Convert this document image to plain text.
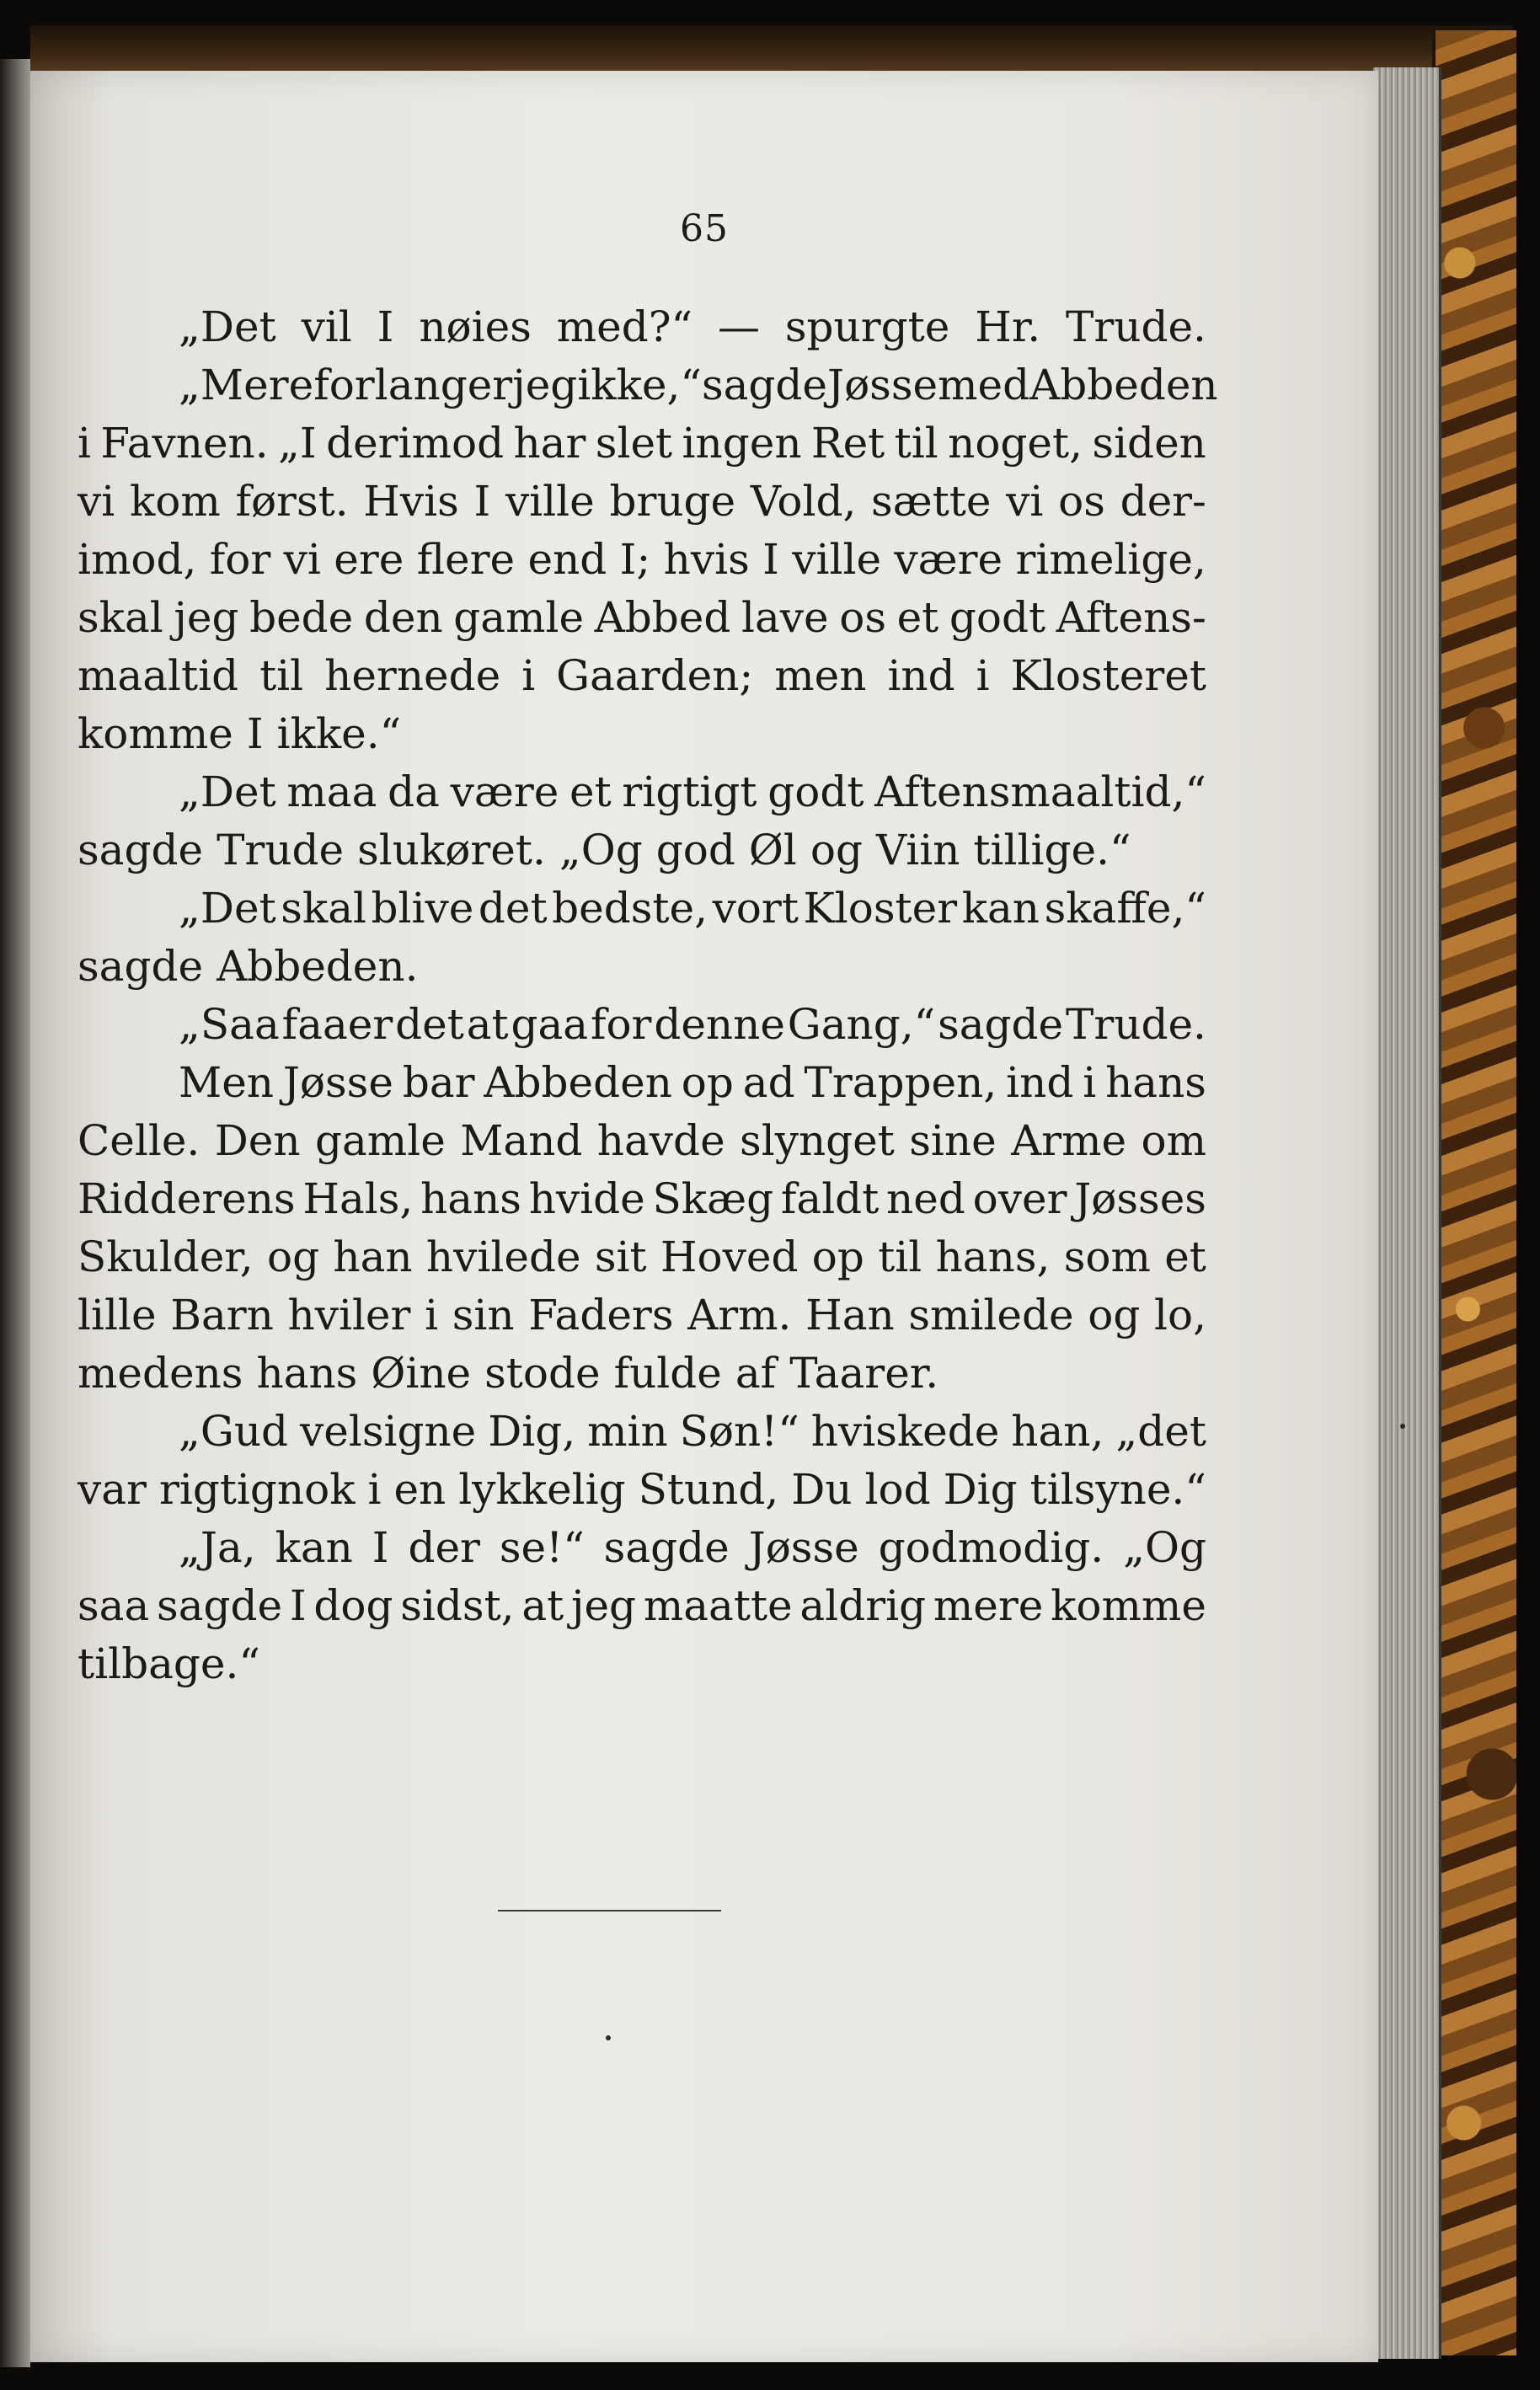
65
„Det vil I nøies med?“ — spurgte Hr. Trude.
„Mere forlanger jeg ikke,“ sagde Jøsse med Abbeden
i Favnen. „I derimod har slet ingen Ret til noget, siden
vi kom først. Hvis I ville bruge Vold, sætte vi os der-
imod, for vi ere flere end I; hvis I ville være rimelige,
skal jeg bede den gamle Abbed lave os et godt Aftens-
maaltid til hernede i Gaarden; men ind i Klosteret
komme I ikke.“
„Det maa da være et rigtigt godt Aftensmaaltid,“
sagde Trude slukøret. „Og god Øl og Viin tillige.“
„Det skal blive det bedste, vort Kloster kan skaffe,“
sagde Abbeden.
„Saa faaer det at gaa for denne Gang,“ sagde Trude.
Men Jøsse bar Abbeden op ad Trappen, ind i hans
Celle. Den gamle Mand havde slynget sine Arme om
Ridderens Hals, hans hvide Skæg faldt ned over Jøsses
Skulder, og han hvilede sit Hoved op til hans, som et
lille Barn hviler i sin Faders Arm. Han smilede og lo,
medens hans Øine stode fulde af Taarer.
„Gud velsigne Dig, min Søn!“ hviskede han, „det
var rigtignok i en lykkelig Stund, Du lod Dig tilsyne.“
„Ja, kan I der se!“ sagde Jøsse godmodig. „Og
saa sagde I dog sidst, at jeg maatte aldrig mere komme
tilbage.“
